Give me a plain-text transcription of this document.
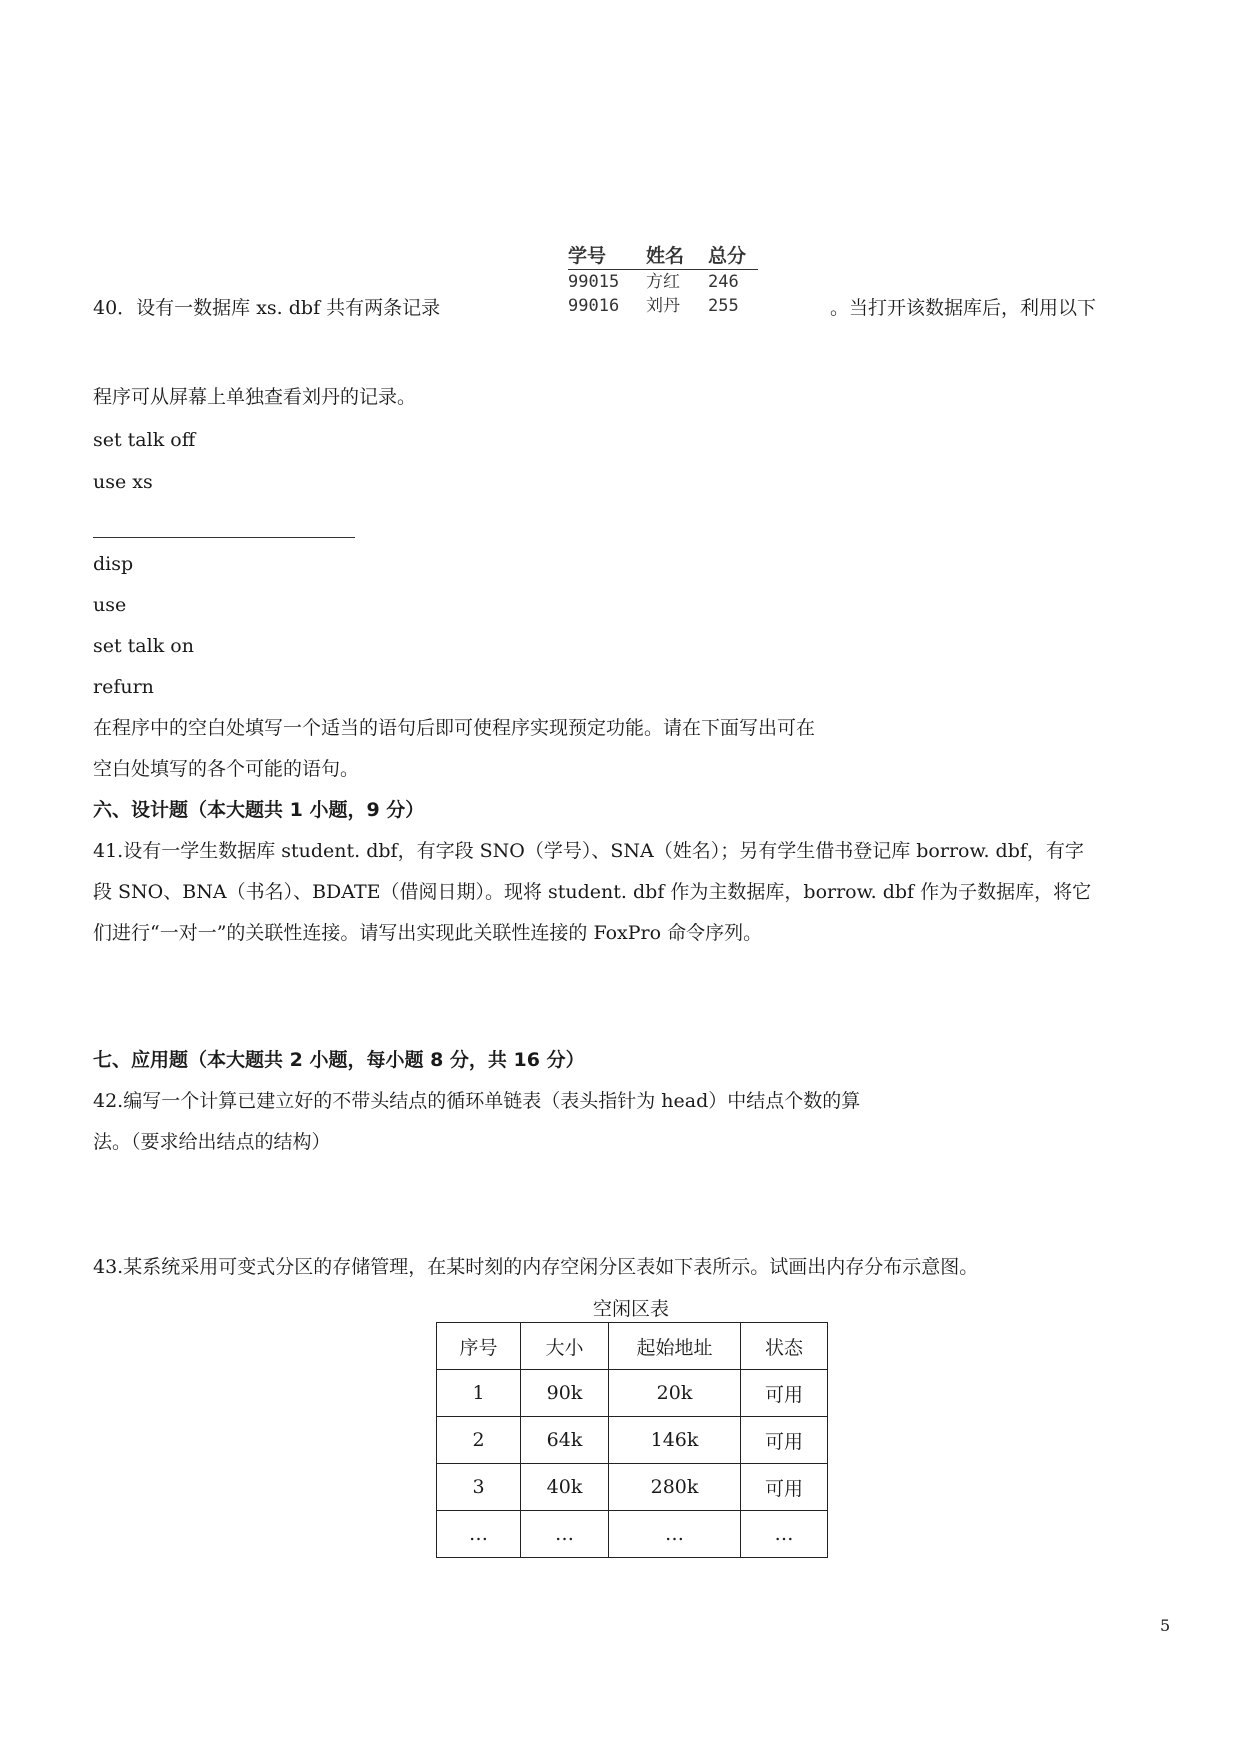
40．设有一数据库 xs. dbf 共有两条记录
学号	姓名	总分
99015	方红	246
99016	刘丹	255	。当打开该数据库后，利用以下
程序可从屏幕上单独查看刘丹的记录。
set talk off
use xs
disp
use
set talk on
refurn
在程序中的空白处填写一个适当的语句后即可使程序实现预定功能。请在下面写出可在
空白处填写的各个可能的语句。
六、设计题（本大题共 1 小题，9 分）
41.设有一学生数据库 student. dbf，有字段 SNO（学号）、SNA（姓名）；另有学生借书登记库 borrow. dbf，有字
段 SNO、BNA（书名）、BDATE（借阅日期）。现将 student. dbf 作为主数据库，borrow. dbf 作为子数据库，将它
们进行“一对一”的关联性连接。请写出实现此关联性连接的 FoxPro 命令序列。
七、应用题（本大题共 2 小题，每小题 8 分，共 16 分）
42.编写一个计算已建立好的不带头结点的循环单链表（表头指针为 head）中结点个数的算
法。（要求给出结点的结构）
43.某系统采用可变式分区的存储管理，在某时刻的内存空闲分区表如下表所示。试画出内存分布示意图。
空闲区表
序号	大小	起始地址	状态
1	90k	20k	可用
2	64k	146k	可用
3	40k	280k	可用
…	…	…	…
5
